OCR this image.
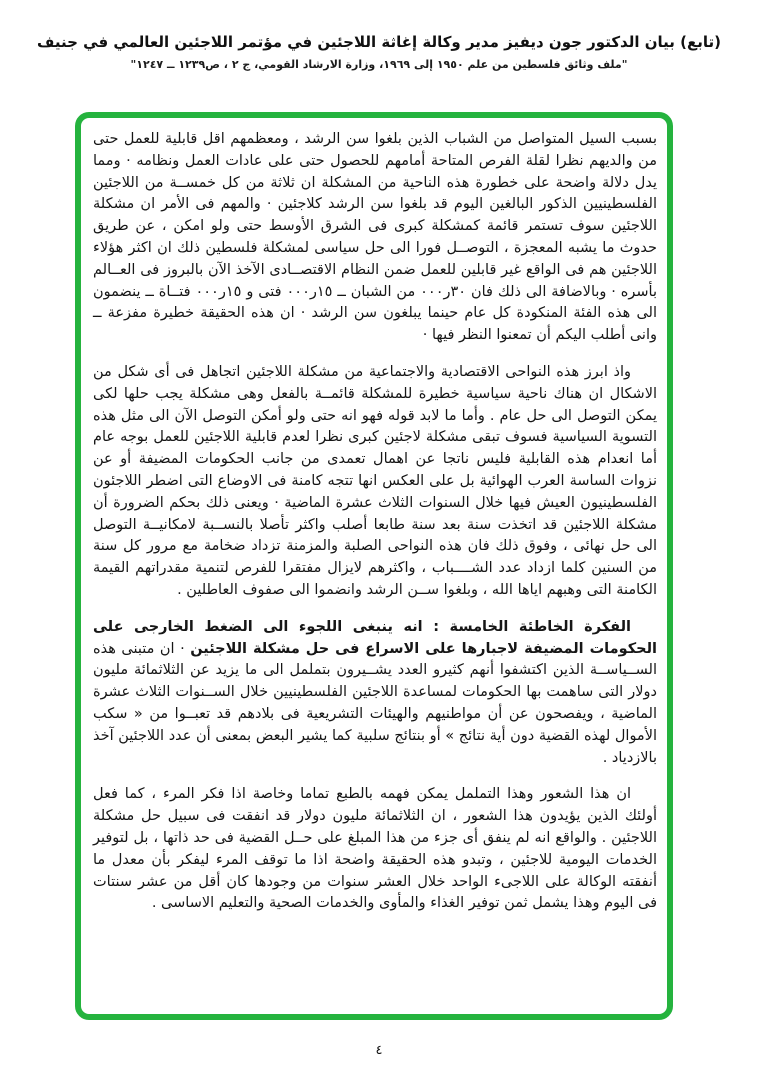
(تابع) بيان الدكتور جون ديفيز مدير وكالة إغاثة اللاجئين في مؤتمر اللاجئين العالمي في جنيف
"ملف وثائق فلسطين من علم ١٩٥٠ إلى ١٩٦٩، وزارة الارشاد القومي، ج ٢ ، ص١٢٣٩ ــ ١٢٤٧"

بسبب السيل المتواصل من الشباب الذين بلغوا سن الرشد ، ومعظمهم اقل قابلية للعمل حتى من والديهم نظرا لقلة الفرص المتاحة أمامهم للحصول حتى على عادات العمل ونظامه · ومما يدل دلالة واضحة على خطورة هذه الناحية من المشكلة ان ثلاثة من كل خمســة من اللاجئين الفلسطينيين الذكور البالغين اليوم قد بلغوا سن الرشد كلاجئين · والمهم فى الأمر ان مشكلة اللاجئين سوف تستمر قائمة كمشكلة كبرى فى الشرق الأوسط حتى ولو امكن ، عن طريق حدوث ما يشبه المعجزة ، التوصــل فورا الى حل سياسى لمشكلة فلسطين ذلك ان اكثر هؤلاء اللاجئين هم فى الواقع غير قابلين للعمل ضمن النظام الاقتصــادى الآخذ الآن بالبروز فى العــالم بأسره · وبالاضافة الى ذلك فان ٣٠ر٠٠٠ من الشبان ــ ١٥ر٠٠٠ فتى و ١٥ر٠٠٠ فتــاة ــ ينضمون الى هذه الفئة المنكودة كل عام حينما يبلغون سن الرشد · ان هذه الحقيقة خطيرة مفزعة ــ وانى أطلب اليكم أن تمعنوا النظر فيها ·

واذ ابرز هذه النواحى الاقتصادية والاجتماعية من مشكلة اللاجئين اتجاهل فى أى شكل من الاشكال ان هناك ناحية سياسية خطيرة للمشكلة قائمــة بالفعل وهى مشكلة يجب حلها لكى يمكن التوصل الى حل عام . وأما ما لابد قوله فهو انه حتى ولو أمكن التوصل الآن الى مثل هذه التسوية السياسية فسوف تبقى مشكلة لاجئين كبرى نظرا لعدم قابلية اللاجئين للعمل بوجه عام أما انعدام هذه القابلية فليس ناتجا عن اهمال تعمدى من جانب الحكومات المضيفة أو عن نزوات الساسة العرب الهوائية بل على العكس انها تتجه كامنة فى الاوضاع التى اضطر اللاجئون الفلسطينيون العيش فيها خلال السنوات الثلاث عشرة الماضية · ويعنى ذلك بحكم الضرورة أن مشكلة اللاجئين قد اتخذت سنة بعد سنة طابعا أصلب واكثر تأصلا بالنســبة لامكانيــة التوصل الى حل نهائى ، وفوق ذلك فان هذه النواحى الصلبة والمزمنة تزداد ضخامة مع مرور كل سنة من السنين كلما ازداد عدد الشــــباب ، واكثرهم لايزال مفتقرا للفرص لتنمية مقدراتهم القيمة الكامنة التى وهبهم اياها الله ، وبلغوا ســن الرشد وانضموا الى صفوف العاطلين .

الفكرة الخاطئة الخامسة : انه ينبغى اللجوء الى الضغط الخارجى على الحكومات المضيفة لاجبارها على الاسراع فى حل مشكلة اللاجئين · ان متبنى هذه الســياســة الذين اكتشفوا أنهم كثيرو العدد يشــيرون بتململ الى ما يزيد عن الثلاثمائة مليون دولار التى ساهمت بها الحكومات لمساعدة اللاجئين الفلسطينيين خلال الســنوات الثلاث عشرة الماضية ، ويفصحون عن أن مواطنيهم والهيئات التشريعية فى بلادهم قد تعبــوا من « سكب الأموال لهذه القضية دون أية نتائج » أو بنتائج سلبية كما يشير البعض بمعنى أن عدد اللاجئين آخذ بالازدياد .

ان هذا الشعور وهذا التململ يمكن فهمه بالطبع تماما وخاصة اذا فكر المرء ، كما فعل أولئك الذين يؤيدون هذا الشعور ، ان الثلاثمائة مليون دولار قد انفقت فى سبيل حل مشكلة اللاجئين . والواقع انه لم ينفق أى جزء من هذا المبلغ على حــل القضية فى حد ذاتها ، بل لتوفير الخدمات اليومية للاجئين ، وتبدو هذه الحقيقة واضحة اذا ما توقف المرء ليفكر بأن معدل ما أنفقته الوكالة على اللاجىء الواحد خلال العشر سنوات من وجودها كان أقل من عشر سنتات فى اليوم وهذا يشمل ثمن توفير الغذاء والمأوى والخدمات الصحية والتعليم الاساسى .

٤
